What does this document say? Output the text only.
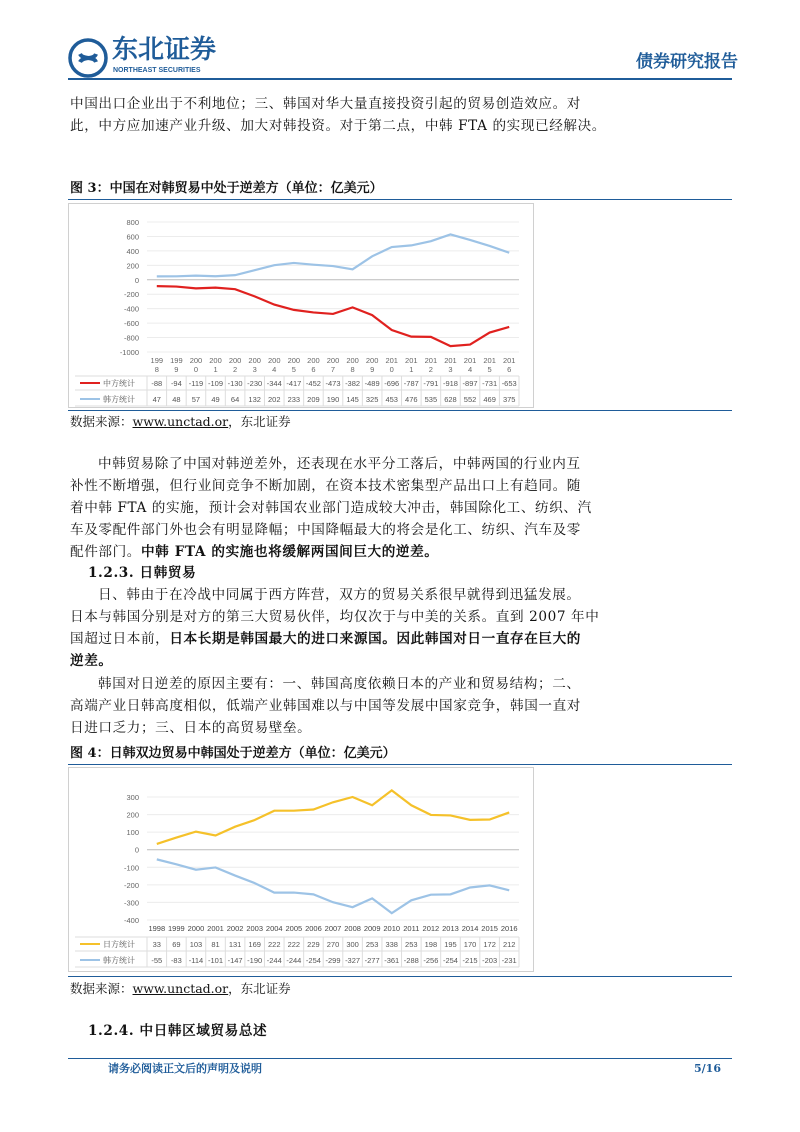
东北证券
NORTHEAST SECURITIES	债券研究报告
中国出口企业出于不利地位；三、韩国对华大量直接投资引起的贸易创造效应。对
此，中方应加速产业升级、加大对韩投资。对于第二点，中韩 FTA 的实现已经解决。
图 3：中国在对韩贸易中处于逆差方（单位：亿美元）
800
600
400
200
0
-200
-400
-600
-800
-1000
199
8
199
9
200
0
200
1
200
2
200
3
200
4
200
5
200
6
200
7
200
8
200
9
201
0
201
1
201
2
201
3
201
4
201
5
201
6
中方统计 -88 -94 -119 -109 -130 -230 -344 -417 -452 -473 -382 -489 -696 -787 -791 -918 -897 -731 -653
韩方统计 47 48 57 49 64 132 202 233 209 190 145 325 453 476 535 628 552 469 375
数据来源：www.unctad.or，东北证券
中韩贸易除了中国对韩逆差外，还表现在水平分工落后，中韩两国的行业内互
补性不断增强，但行业间竞争不断加剧，在资本技术密集型产品出口上有趋同。随
着中韩 FTA 的实施，预计会对韩国农业部门造成较大冲击，韩国除化工、纺织、汽
车及零配件部门外也会有明显降幅；中国降幅最大的将会是化工、纺织、汽车及零
配件部门。中韩 FTA 的实施也将缓解两国间巨大的逆差。
1.2.3. 日韩贸易
日、韩由于在冷战中同属于西方阵营，双方的贸易关系很早就得到迅猛发展。
日本与韩国分别是对方的第三大贸易伙伴，均仅次于与中美的关系。直到 2007 年中
国超过日本前，日本长期是韩国最大的进口来源国。因此韩国对日一直存在巨大的
逆差。
韩国对日逆差的原因主要有：一、韩国高度依赖日本的产业和贸易结构；二、
高端产业日韩高度相似，低端产业韩国难以与中国等发展中国家竞争，韩国一直对
日进口乏力；三、日本的高贸易壁垒。
图 4：日韩双边贸易中韩国处于逆差方（单位：亿美元）
300
200
100
0
-100
-200
-300
-400
1998 1999 2000 2001 2002 2003 2004 2005 2006 2007 2008 2009 2010 2011 2012 2013 2014 2015 2016
日方统计 33 69 103 81 131 169 222 222 229 270 300 253 338 253 198 195 170 172 212
韩方统计 -55 -83 -114 -101 -147 -190 -244 -244 -254 -299 -327 -277 -361 -288 -256 -254 -215 -203 -231
数据来源：www.unctad.or，东北证券
1.2.4. 中日韩区域贸易总述
请务必阅读正文后的声明及说明	5/16
